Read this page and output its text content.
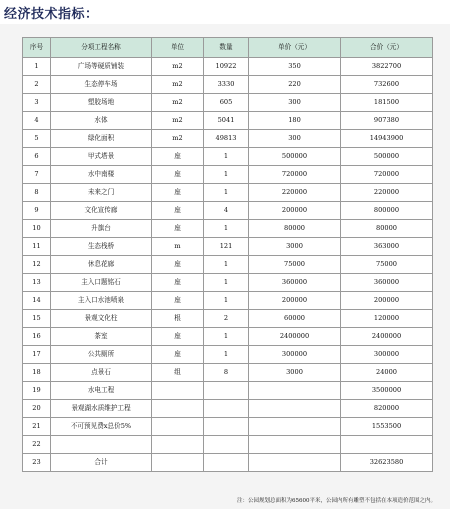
经济技术指标：
序号	分项工程名称	单位	数量	单价（元）	合价（元）
1	广场等硬质铺装	m2	10922	350	3822700
2	生态停车场	m2	3330	220	732600
3	塑胶场地	m2	605	300	181500
4	水体	m2	5041	180	907380
5	绿化面积	m2	49813	300	14943900
6	甲式塔景	座	1	500000	500000
7	水中南楼	座	1	720000	720000
8	未来之门	座	1	220000	220000
9	文化宣传廊	座	4	200000	800000
10	升旗台	座	1	80000	80000
11	生态栈桥	m	121	3000	363000
12	休息花廊	座	1	75000	75000
13	主入口题铭石	座	1	360000	360000
14	主入口水池喷泉	座	1	200000	200000
15	景观文化柱	根	2	60000	120000
16	茶室	座	1	2400000	2400000
17	公共厕所	座	1	300000	300000
18	点景石	组	8	3000	24000
19	水电工程				3500000
20	景观湖水质维护工程				820000
21	不可预见费x总价5%				1553500
22					
23	合计				32623580
注：公园规划总面积为65600平米，公园内所有雕塑不包括在本项造价范围之内。
